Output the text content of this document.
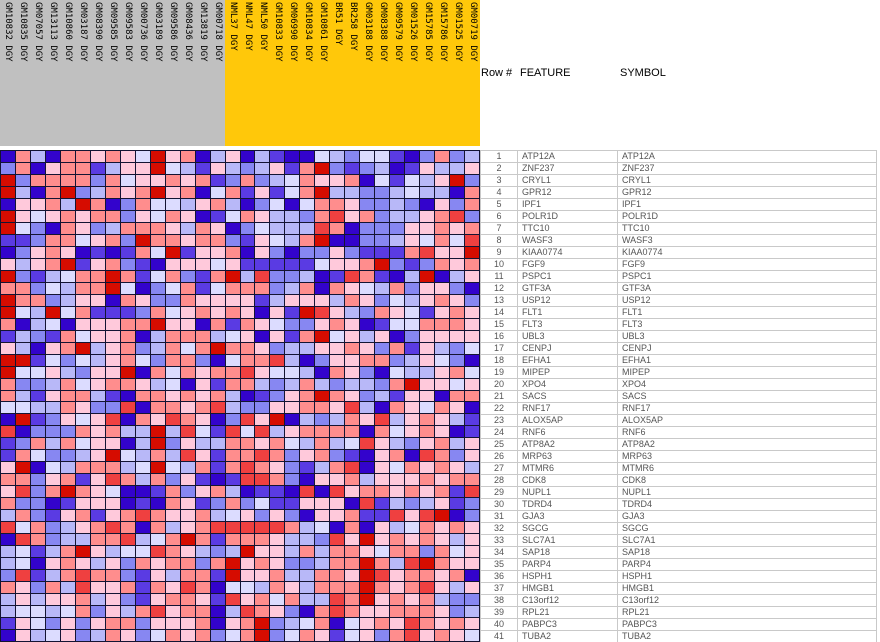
GM10832 DGY GM10835 DGY GM07057 DGY GM13113 DGY GM10860 DGY GM03187 DGY GM08390 DGY GM09585 DGY GM09583 DGY GM00736 DGY GM03189 DGY GM09586 DGY GM08436 DGY GM13819 DGY GM00718 DGY NML37 DGY NML47 DGY NML50 DGY GM10833 DGY GM06990 DGY GM10834 DGY GM10861 DGY BR51 DGY BR258 DGY GM03188 DGY GM08388 DGY GM09579 DGY GM01526 DGY GM15785 DGY GM15786 DGY GM01525 DGY GM00719 DGY
Row # FEATURE	SYMBOL
1	ATP12A	ATP12A
2	ZNF237	ZNF237
3	CRYL1	CRYL1
4	GPR12	GPR12
5	IPF1	IPF1
6	POLR1D	POLR1D
7	TTC10	TTC10
8	WASF3	WASF3
9	KIAA0774	KIAA0774
10	FGF9	FGF9
11	PSPC1	PSPC1
12	GTF3A	GTF3A
13	USP12	USP12
14	FLT1	FLT1
15	FLT3	FLT3
16	UBL3	UBL3
17	CENPJ	CENPJ
18	EFHA1	EFHA1
19	MIPEP	MIPEP
20	XPO4	XPO4
21	SACS	SACS
22	RNF17	RNF17
23	ALOX5AP	ALOX5AP
24	RNF6	RNF6
25	ATP8A2	ATP8A2
26	MRP63	MRP63
27	MTMR6	MTMR6
28	CDK8	CDK8
29	NUPL1	NUPL1
30	TDRD4	TDRD4
31	GJA3	GJA3
32	SGCG	SGCG
33	SLC7A1	SLC7A1
34	SAP18	SAP18
35	PARP4	PARP4
36	HSPH1	HSPH1
37	HMGB1	HMGB1
38	C13orf12	C13orf12
39	RPL21	RPL21
40	PABPC3	PABPC3
41	TUBA2	TUBA2
